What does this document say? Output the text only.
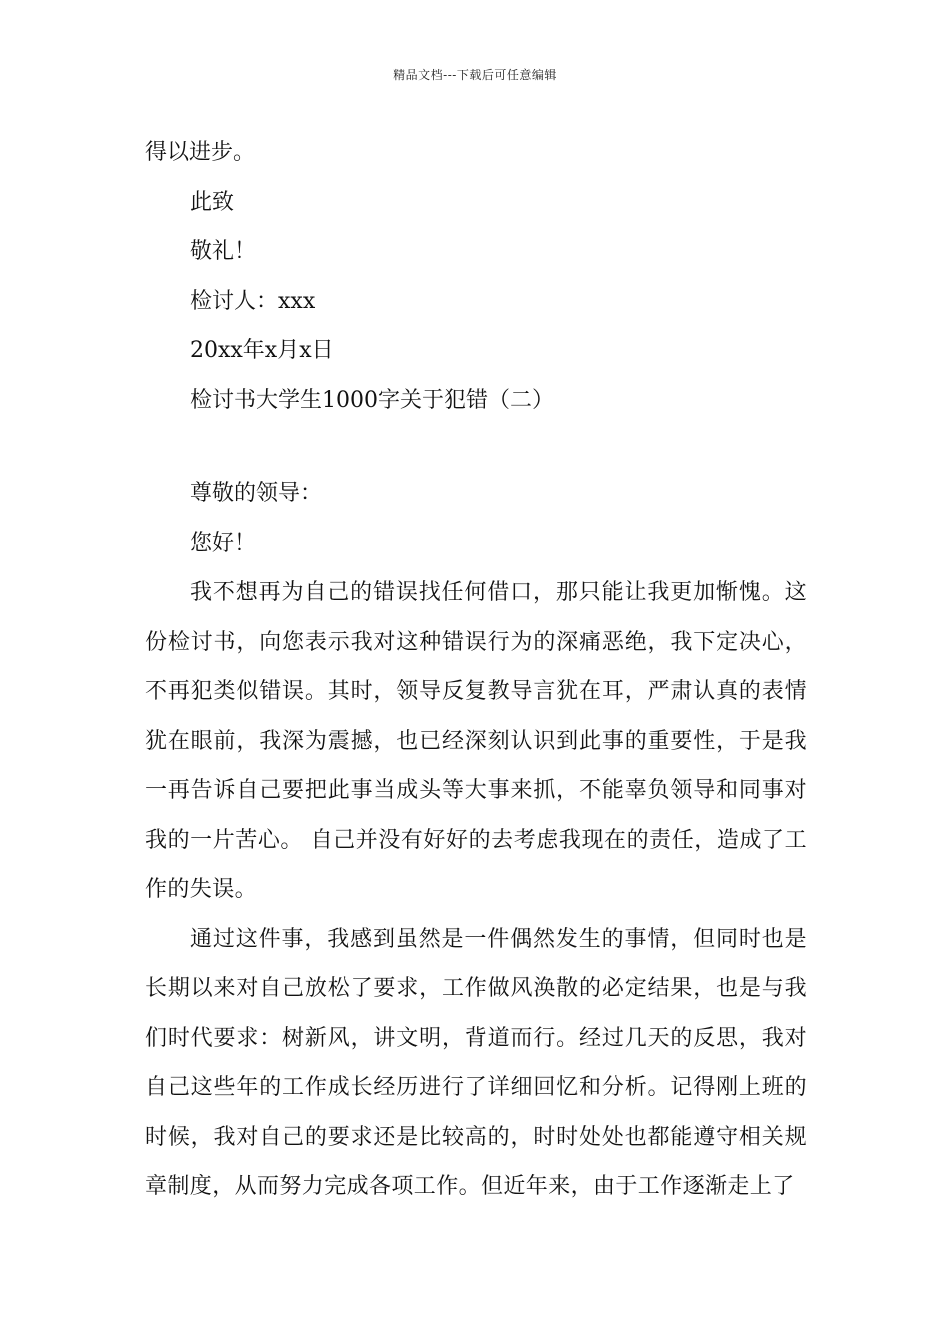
精品文档---下载后可任意编辑
得以进步。
此致
敬礼！
检讨人：xxx
20xx年x月x日
检讨书大学生1000字关于犯错（二）
尊敬的领导：
您好！
我不想再为自己的错误找任何借口，那只能让我更加惭愧。这份检讨书，向您表示我对这种错误行为的深痛恶绝，我下定决心，不再犯类似错误。其时，领导反复教导言犹在耳，严肃认真的表情犹在眼前，我深为震撼，也已经深刻认识到此事的重要性，于是我一再告诉自己要把此事当成头等大事来抓，不能辜负领导和同事对我的一片苦心。 自己并没有好好的去考虑我现在的责任，造成了工作的失误。
通过这件事，我感到虽然是一件偶然发生的事情，但同时也是长期以来对自己放松了要求，工作做风涣散的必定结果，也是与我们时代要求：树新风，讲文明，背道而行。经过几天的反思，我对自己这些年的工作成长经历进行了详细回忆和分析。记得刚上班的时候，我对自己的要求还是比较高的，时时处处也都能遵守相关规章制度，从而努力完成各项工作。但近年来，由于工作逐渐走上了
